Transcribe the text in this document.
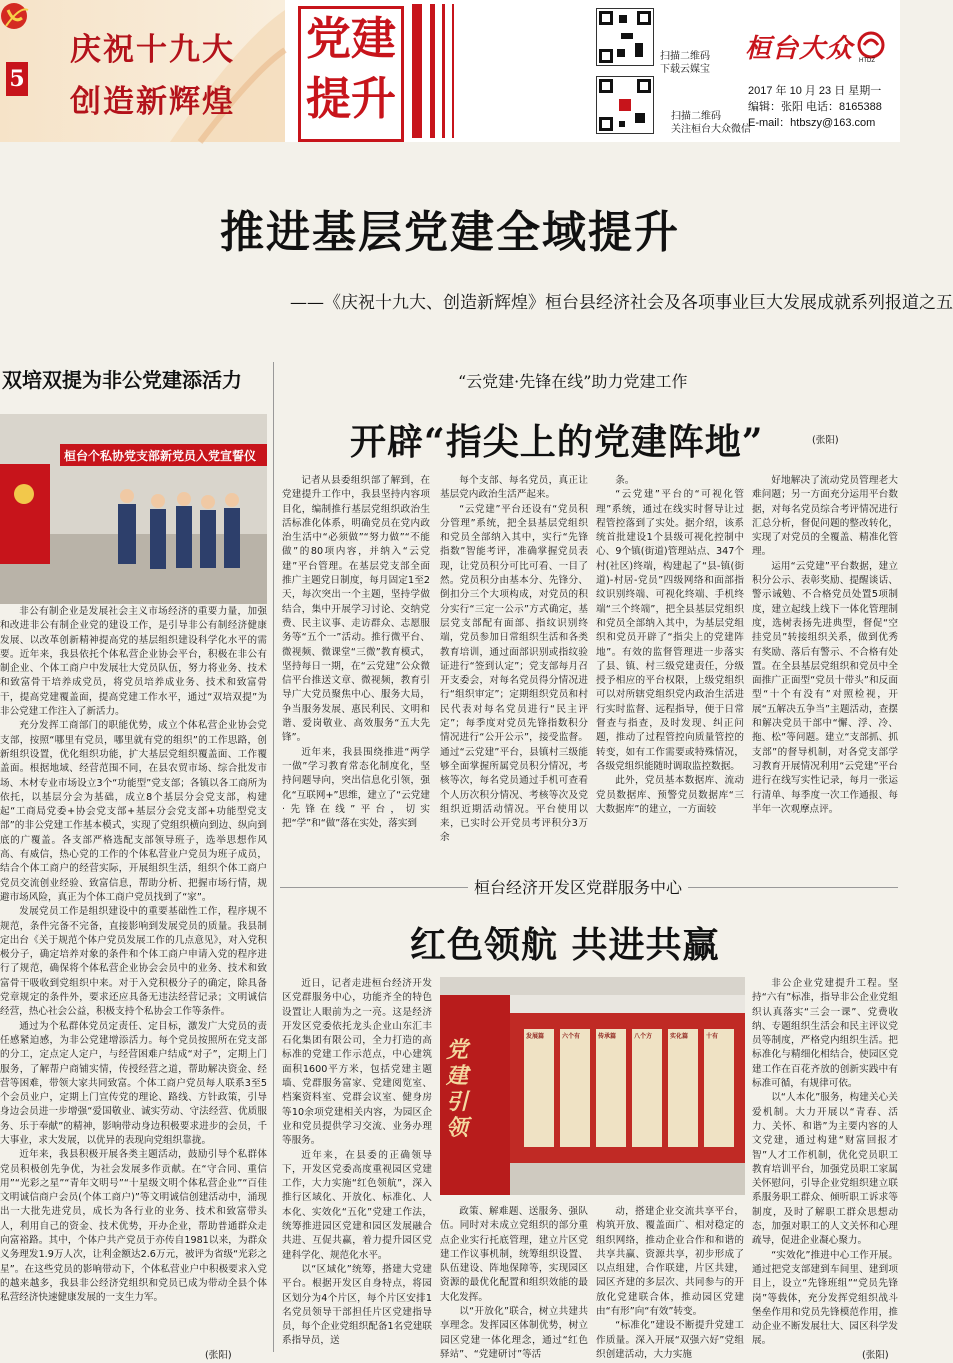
5
庆祝十九大
创造新辉煌
党建
提升
扫描二维码
下载云媒宝
扫描二维码
关注桓台大众微信
桓台大众 HTDZ
2017 年 10 月 23 日 星期一
编辑：张阳 电话：8165388
E-mail：htbszy@163.com
推进基层党建全域提升
——《庆祝十九大、创造新辉煌》桓台县经济社会及各项事业巨大发展成就系列报道之五
双培双提为非公党建添活力
桓台个私协党支部新党员入党宣誓仪

非公有制企业是发展社会主义市场经济的重要力量，加强和改进非公有制企业党的建设工作，是引导非公有制经济健康发展、以改革创新精神提高党的基层组织建设科学化水平的需要。近年来，我县依托个体私营企业协会平台，积极在非公有制企业、个体工商户中发展壮大党员队伍，努力将业务、技术和致富骨干培养成党员，将党员培养成业务、技术和致富骨干，提高党建覆盖面，提高党建工作水平，通过“双培双提”为非公党建工作注入了新活力。

充分发挥工商部门的职能优势，成立个体私营企业协会党支部，按照“哪里有党员，哪里就有党的组织”的工作思路，创新组织设置，优化组织功能，扩大基层党组织覆盖面、工作覆盖面。根据地域、经营范围不同，在县农贸市场、综合批发市场、木材专业市场设立3个“功能型”党支部；各镇以各工商所为依托，以基层分会为基础，成立8个基层分会党支部，构建起“工商局党委+协会党支部+基层分会党支部+功能型党支部”的非公党建工作基本模式，实现了党组织横向到边、纵向到底的广覆盖。各支部严格选配支部领导班子，选举思想作风高、有威信，热心党的工作的个体私营业户党员为班子成员，结合个体工商户的经营实际，开展组织生活，组织个体工商户党员交流创业经验、致富信息，帮助分析、把握市场行情，规避市场风险，真正为个体工商户党员找到了“家”。

发展党员工作是组织建设中的重要基础性工作，程序规不规范，条件完备不完备，直接影响到发展党员的质量。我县制定出台《关于规范个体户党员发展工作的几点意见》，对入党积极分子，确定培养对象的条件和个体工商户申请入党的程序进行了规范，确保将个体私营企业协会会员中的业务、技术和致富骨干吸收到党组织中来。对于入党积极分子的确定，除具备党章规定的条件外，要求还应具备无违法经营记录；文明诚信经营，热心社会公益，积极支持个私协会工作等条件。

通过为个私群体党员定责任、定目标，激发广大党员的责任感紧迫感，为非公党建增添活力。每个党员按照所在党支部的分工，定点定人定户，与经营困难户结成“对子”，定期上门服务，了解帮户商铺实情，传授经营之道，帮助解决资金、经营等困难，带领大家共同致富。个体工商户党员每人联系3至5个会员业户，定期上门宣传党的理论、路线、方针政策，引导身边会员进一步增强“爱国敬业、诚实劳动、守法经营、优质服务、乐于奉献”的精神，影响带动身边积极要求进步的会员，千大事业，求大发展，以优异的表现向党组织靠拢。

近年来，我县积极开展各类主题活动，鼓励引导个私群体党员积极创先争优，为社会发展多作贡献。在“守合同、重信用”“光彩之星”“青年文明号”“十星级文明个体私营企业”“百佳文明诚信商户会员(个体工商户)”等文明诚信创建活动中，涌现出一大批先进党员，成长为各行业的业务、技术和致富带头人，利用自己的资金、技术优势，开办企业，帮助普通群众走向富裕路。其中，个体户共产党员于亦传自1981以来，为群众义务理发1.9万人次，让利金额达2.6万元，被评为省级“光彩之星”。在这些党员的影响带动下，个体私营业户中积极要求入党的越来越多，我县非公经济党组织和党员已成为带动全县个体私营经济快速健康发展的一支生力军。

(张阳)
“云党建·先锋在线”助力党建工作
开辟“指尖上的党建阵地”

记者从县委组织部了解到，在党建提升工作中，我县坚持内容项目化，编制推行基层党组织政治生活标准化体系，明确党员在党内政治生活中“必须做”“努力做”“不能做”的80项内容，并纳入“云党建”平台管理。在基层党支部全面推广主题党日制度，每月固定1至2天，每次突出一个主题，坚持学做结合，集中开展学习讨论、交纳党费、民主议事、走访群众、志愿服务等“五个一”活动。推行微平台、微视频、微课堂“三微”教育模式，坚持每日一期，在“云党建”公众微信平台推送文章、微视频，教育引导广大党员聚焦中心、服务大局，争当服务发展、惠民利民、文明和谐、爱岗敬业、高效服务“五大先锋”。

近年来，我县围绕推进“两学一做”学习教育常态化制度化，坚持问题导向，突出信息化引领，强化“互联网+”思维，建立了“云党建·先锋在线”平台，切实把“学”和“做”落在实处，落实到

每个支部、每名党员，真正让基层党内政治生活严起来。

“云党建”平台还设有“党员积分管理”系统，把全县基层党组织和党员全部纳入其中，实行“先锋指数”智能考评，准确掌握党员表现，让党员积分可比可看、一目了然。党员积分由基本分、先锋分、倒扣分三个大项构成，对党员的积分实行“三定一公示”方式确定，基层党支部配有面部、指纹识别终端，党员参加日常组织生活和各类教育培训，通过面部识别或指纹验证进行“签到认定”；党支部每月召开支委会，对每名党员得分情况进行“组织审定”；定期组织党员和村民代表对每名党员进行“民主评定”；每季度对党员先锋指数积分情况进行“公开公示”，接受监督。通过“云党建”平台，县镇村三级能够全面掌握所属党员积分情况，考核等次，每名党员通过手机可查看个人历次积分情况、考核等次及党组织近期活动情况。平台使用以来，已实时公开党员考评积分3万余

条。

“云党建”平台的“可视化管理”系统，通过在线实时督导让过程管控落到了实处。据介绍，该系统首批建设1个县级可视化控制中心、9个镇(街道)管理站点、347个村(社区)终端，构建起了“县-镇(街道)-村居-党员”四级网络和面部指纹识别终端、可视化终端、手机终端“三个终端”，把全县基层党组织和党员全部纳入其中，为基层党组织和党员开辟了“指尖上的党建阵地”。有效的监督管理进一步落实了县、镇、村三级党建责任，分级授予相应的平台权限，上级党组织可以对所辖党组织党内政治生活进行实时监督、远程指导，便于日常督查与指查，及时发现、纠正问题，推动了过程管控向质量管控的转变，如有工作需要或特殊情况，各级党组织能随时调取监控数据。

此外，党员基本数据库、流动党员数据库、预警党员数据库“三大数据库”的建立，一方面较

好地解决了流动党员管理老大难问题；另一方面充分运用平台数据，对每名党员综合考评情况进行汇总分析，督促问题的整改转化，实现了对党员的全覆盖、精准化管理。

运用“云党建”平台数据，建立积分公示、表彰奖励、提醒谈话、警示诫勉、不合格党员处置5项制度，建立起线上线下一体化管理制度，选树表扬先进典型，督促“空挂党员”转接组织关系，做到优秀有奖励、落后有警示、不合格有处置。在全县基层党组织和党员中全面推广正面型“党员十带头”和反面型“十个有没有”对照检视，开展“五解决五争当”主题活动，查摆和解决党员干部中“懈、浮、冷、拖、松”等问题。建立“支部抓、抓支部”的督导机制，对各党支部学习教育开展情况利用“云党建”平台进行在线写实性记录，每月一张运行清单、每季度一次工作通报、每半年一次观摩点评。

(张阳)
桓台经济开发区党群服务中心
红色领航 共进共赢

近日，记者走进桓台经济开发区党群服务中心，功能齐全的特色设置让人眼前为之一亮。这是经济开发区党委依托龙头企业山东汇丰石化集团有限公司，全力打造的高标准的党建工作示范点，中心建筑面积1600平方米，包括党建主题墙、党群服务富家、党建阅览室、档案资料室、党群会议室、健身房等10余项党建相关内容，为园区企业和党员提供学习交流、业务办理等服务。

近年来，在县委的正确领导下，开发区党委高度重视园区党建工作，大力实施“红色领航”，深入推行区域化、开放化、标准化、人本化、实效化“五化”党建工作法，统筹推进园区党建和园区发展融合共进、互促共赢，着力提升园区党建科学化、规范化水平。

以“区域化”统筹，搭建大党建平台。根据开发区自身特点，将园区划分为4个片区，每个片区安排1名党员领导干部担任片区党建指导员，每个企业党组织配备1名党建联系指导员，送

党建引领
发展篇	六个有	传承篇	八个方	实化篇	十有

政策、解难题、送服务、强队伍。同时对未成立党组织的部分重点企业实行托底管理，建立片区党建工作议事机制，统筹组织设置、队伍建设、阵地保障等，实现园区资源的最优化配置和组织效能的最大化发挥。

以“开放化”联合，树立共建共享理念。发挥园区体制优势，树立园区党建一体化理念，通过“红色驿站”、“党建研讨”等活

动，搭建企业交流共享平台，构筑开放、覆盖面广、相对稳定的组织网络，推动企业合作和和谐的共享共赢、资源共享，初步形成了以点组建，合作联建，片区共建，园区齐建的多层次、共同参与的开放化党建联合体，推动园区党建由“有形”向“有效”转变。

“标准化”建设不断提升党建工作质量。深入开展“双强六好”党组织创建活动，大力实施

非公企业党建提升工程。坚持“六有”标准，指导非公企业党组织认真落实“三会一课”、党费收纳、专题组织生活会和民主评议党员等制度，严格党内组织生活。把标准化与精细化相结合，使园区党建工作在百花齐放的创新实践中有标准可循，有规律可依。

以“人本化”服务，构建关心关爱机制。大力开展以“青春、活力、关怀、和谐”为主要内容的人文党建，通过构建“财富回报才智”人才工作机制，优化党员职工教育培训平台，加强党员职工家属关怀慰问，引导企业党组织建立联系服务职工群众、倾听职工诉求等制度，及时了解职工群众思想动态，加强对职工的人文关怀和心理疏导，促进企业凝心聚力。

“实效化”推进中心工作开展。通过把党支部建到车间里、建到项目上，设立“先锋班组”“党员先锋岗”等载体，充分发挥党组织战斗堡垒作用和党员先锋模范作用，推动企业不断发展壮大、园区科学发展。

(张阳)
